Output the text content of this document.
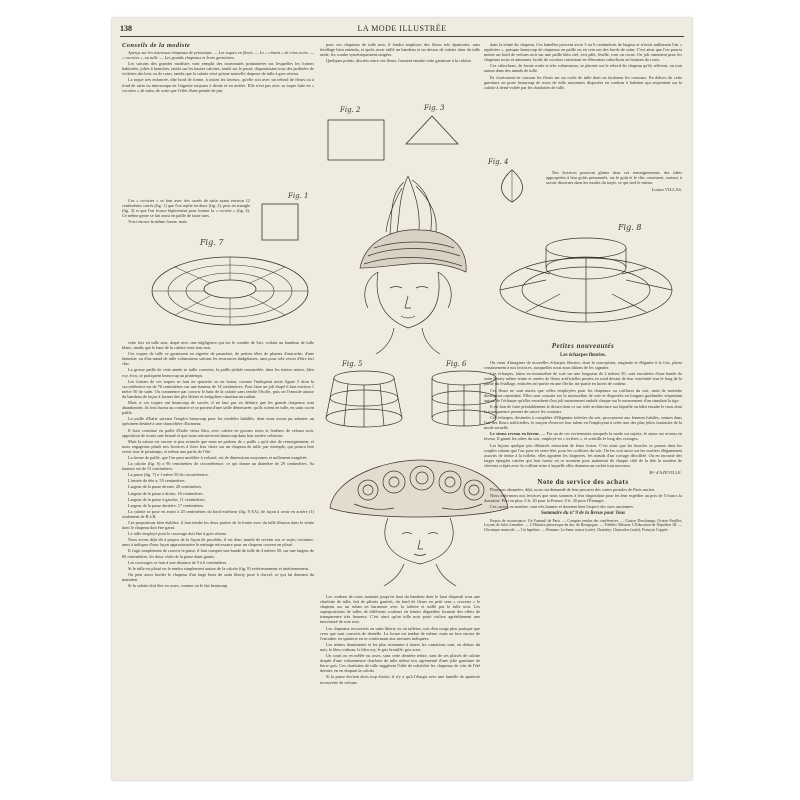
138	LA MODE ILLUSTRÉE
Conseils de la modiste

Aperçu sur les nouveaux chapeaux de printemps. — Les toques en fleurs. — Le « ciment » de crins noirs. — « cocottes », au tulle. — Les grands chapeaux et leurs garnitures.

Les saisons des grandes modistes vont remplir des nouveautés printanières sur lesquelles les formes habituées, jolies à branches, tantôt sur les hautes calottes, tantôt sur le passé, disparaissant sous des jardinées de violettes des bois ou de roses, tandis que la calotte n'est qu'une nouvelle draperie de tulle à gros réseau.

La toque très enfoncée, dite bord de forme, à toutes les faveurs, qu'elle soit avec un rebord de fleurs ou à fond de satin ou interrompu en l'aigrette toujours à droite et en arrière. Elle n'est pas avec sa toque faite en « cocottes » de satin, de sorte que l'effet d'une pensée de pin.

Ces « cocottes » se font avec des carrés de satin ayant environ 12 centimètres carrés (fig. 1) que l'on replie en deux (fig. 2), puis en triangle (fig. 3) et que l'on fronce légèrement pour former la « cocotte » (fig. 4). Ce même genre se fait aussi en paille de toute tons.

Voici encore la même forme, mais

Fig. 1
Fig. 7

cette fois en tulle noir, drapé avec une négligence qui est le comble de l'art, voilant un bandeau de tulle blanc, tandis que le haut de la calotte reste tout noir.

Ces toques de tulle se garnissent en aigrette de panaches, de petites têtes de plumes d'autruche, d'une fantaisie, ou d'un nœud de tulle volumineux suivant les ressources budgétaires, sans pour cela cesser d'être fort chic.

La grosse paille de cette année se taille couverte, la paille pédale renouvelée, dans les teintes noires, bleu roy, écru, se pratiquent beaucoup au printemps.

Les formes de ces toques se font en sparterie ou en laiton, comme l'indiquent notre figure 5 dont la circonférence est de 76 centimètres sur une hauteur de 14 centimètres. Pour faire un joli drapé il faut environ 1 mètre 50 de satin. On commence par couvrir le haut de la calotte sans tendre l'étoffe, puis on l'enroule autour du bandeau de façon à former des plis lâches et irréguliers simulant un turban.

Mais si ces toques ont beaucoup de succès, il ne faut pas en déduire que les grands chapeaux sont abandonnés; ils font fureur au contraire et se portent d'une taille démesurée, qu'ils soient en tulle, en satin ou en paille.

La paille d'Italie suivant l'emploi beaucoup pour les modèles habillés, dont nous avons pu admirer un spécimen destiné à une chancelière d'honneur.

Il était constitué en paille d'Italie vieux bleu, avec calotte en grosses roses et fenêtres de velours noir, apposition de toutes une beauté et que nous retrouverons beaucoup dans leur arrière créations.

Mais la saison est encore si peu avancée que nous ne parlons de « paille » qu'à titre de renseignement, et nous engageons plutôt nos lectrices à fixer leur choix sur un chapeau de tulle, par exemple, qui pourra leur servir tout le printemps, et même une partie de l'été.

La forme de paille, que l'on peut modifier à volonté, est de dimensions moyennes et nullement exagérée.

La calotte (fig. 6) a 96 centimètres de circonférence, ce qui donne un diamètre de 29 centimètres. Sa hauteur est de 15 centimètres.

La passe (fig. 7) a 1 mètre 50 de circonférence.

L'entrée de tête a, 55 centimètres.

Largeur de la passe devant, 20 centimètres.

Largeur de la passe à droite, 16 centimètres.

Largeur de la passe à gauche, 11 centimètres.

Largeur de la passe derrière, 17 centimètres.

La calotte se pose en avant à 20 centimètres du bord extérieur (fig. 8 AA), de façon à avoir en arrière (1) seulement de B à B.

Ces proportions bien établies, il faut tendre les deux parties de la forme avec du tulle illusion dans le teinte dont le chapeau doit être garni.

Le tulle employé pour le couvrage doit être à gros réseau.

Nous avons déjà dit à propos de la façon de procéder, il est donc inutile de revenir sur ce sujet; certaines-unes à indiquer d'une façon approximative le métrage nécessaire pour un chapeau couvert en plissé.

Il s'agit simplement de couvrir la passe, il faut compter une bande de tulle de 4 mètres 50, sur une largeur de 80 centimètres, les deux côtés de la passe étant garnis.

Les couvrages se font à une distance de 5 à 6 centimètres.

Si le tulle est plissé on le rendra simplement autour de la calotte (fig. 8) extérieurement et intérieurement.

On peut aussi border le chapeau d'un large biais de satin liberty posé à cheval, ce qui lui donnera du maintien.

Si la calotte doit être en roses, comme on le fait beaucoup

pour ces chapeaux de tulle noir, il faudra employer des fleurs très épanouies, sans feuillage bien entendu, et après avoir taillé un bandeau et un dessus de calotte dans du tulle raide, les coudre symétriquement rangées.

Quelques points, discrets entre ces fleurs, formant ensuite cette garniture à la calotte.

Fig. 2	Fig. 3
Fig. 5	Fig. 6

Les cordons de roses montant jusqu'en haut du bandeau dont le haut disparaît sous une charlotte de tulle, fait de plissés gaufrés, du fond de fleurs en petit sens « cravater » le chapeau sur un ruban en harmonie avec la toilette et tuillé par le tulle noir. Les superpositions de tulles de différents couleurs en teintes dégradées forment des effets de transparence très heureux. C'est ainsi qu'on tulle noir porté voilera agréablement une nouveauté de soie rose.

Les chapeaux recouverts en satin liberty ou en taffetas, soit d'un rouge plus pratique que ceux que sont couverts de dentelle. La forme est tendue de même, mais on fera encore de l'encadrer en sparterie en se conformant aux mesures indiquées.

Les teintes dominantes et les plus avenantes à toutes les carnations sont, en dehors du noir, le bleu corbeau, le bleu roy, le gris brouillé, gris acier.

Un court ou en mêlée ou roses, sans cette dernière teinte, sans de ses plissés de calotte drapée d'une volumineuse charlotte de tulle même ton, agrémenté d'une jolie garniture de lierre gris. Ces charlottes de tulle suggèrent l'idée de rafraîchir les chapeaux de crin de l'été dernier, en en drapant la calotte.

Si la passe devient alors trop étroite, il n'y a qu'à l'élargir avec une lamelle de sparterie recouverte de velours

dans la teinte du chapeau. Ces lamelles peuvent avoir 5 ou 6 centimètres de largeur et n'avoir nullement l'air « rapiécées », puisque beaucoup de chapeaux en paille ou en crin ont des bords de satin. C'est ainsi que l'on pourra mettre un bord de velours noir sur une paille bleu ciel, vert pâle, feuille, rose ou corne. Un joli ornement pour les chapeaux noirs et amusants, bords de cocottes consistant en d'énormes cabochons en boutons de roses.

Ces cabochons, de forme ovale et très volumineux, se placent sur le rebord du chapeau qu'ils relèvent, ou tout autour dans des nœuds de tulle.

Ils s'exécutent en cousant les fleurs sur un ovale de tulle dont on faufonne les contours. En dehors de cette garniture on porte beaucoup de roses de tulle moyennes disposées en cordons à baleiner qui serpentent sur la calotte à demi-voilée par les charlottes de tulle.

Fig. 4

Nos lectrices pourront glaner dans ces renseignements, des idées appropriées à leur goûts personnels, car le goût et le chic consistent, surtout, à savoir discerner dans les modes du trajet, ce qui sied le mieux.

Louise VILLAS.
Fig. 8
Petites nouveautés
Les écharpes fleuries.

On vient d'imaginer de nouvelles écharpes fleuries, dont la conception, originale et élégante à la fois, plaira certainement à nos lectrices, auxquelles nous nous hâtons de les signaler.

Ces écharpes, faites en mousseline de soie sur une longueur de 2 mètres 50, sont encadrées d'une bande de satin liberty même teinte et ornées de fleurs artificielles posées en rond devant de leur extrémité tout le long de la partie du feuillage, enlacées mi-partie en une flèche, mi-partie en lacets de couleur.

Ces fleurs ne sont autres que celles employées pour les chapeaux ou coiffures du soir, mais de moindre dimension cependant. Elles sont cousues sur la mousseline de soie et disposées en longues guirlandes serpentant autour de l'écharpe qu'elles encadrent d'un joli mouvement ondulé chaque sur le mouvement d'un simulant la tige.

Il est bon de faire préalablement le dessin dont ce sur toile architecture sur laquelle on bâtit ensuite le tissu dont la transparence permet de suivre les contours.

Ces écharpes, destinées à compléter d'élégantes toilettes du soir, procureront aux femmes habiles, venues dans l'art des fleurs artificielles, le moyen d'exercer leur talent en l'employant à créer une des plus jolies fantaisies de la mode actuelle.

Le strass revenu en faveur. — Par un de ces revirements auxquels la mode est sujette, le strass est revenu en faveur. Il garnit les robes du soir, employé en « rivières », et scintille le long des corsages.

Les bijoux quelque peu délaissés ressortent de leurs écrins. C'est ainsi que les boucles se posent dans les souples rubans que l'on pose en serre-tête, pour les coiffures du soir. On les voit aussi sur les souliers élégamment assortis de teinte à la toilette, elles agrafent les draperies, les nœuds d'un corsage décolleté. On en incruste des larges épingles carrées qui font fureur en ce moment pour maintenir de chaque côté de la tête la rondeur de cheveux crépés avec la coiffure mise à laquelle elles donnent un cachet tout nouveau.

Bⁿᵉ d'AZEVILLE.
Note du service des achats

Plusieurs abonnées, déjà, nous ont demandé de leur procurer des cartes postales de Paris ancien.

Nous informons nos lectrices que nous sommes à leur disposition pour les leur expédier au prix de 5 francs la douzaine. Port en plus, 0 fr. 20 pour la France, 0 fr. 30 pour l'Étranger.

Ces cartes, au nombre, sont très bonnes et donnent bien l'aspect des vues anciennes.

Sommaire du nº 9 de la Revue pour Tous

Propos de circonstance. Un Fauteuil de Paris. — Comptes rendus des conférences. — Gaston Deschamps; Octave Feuillet; Leçons de Jules Lemaître. — L'Histoire pittoresque du duc de Bourgogne. — Frédéric Masson: L'Education de Napoléon III. — Chronique musicale. — Un baptême. — Romans: La Sœur rousse (suite), Chambry; Chancelier (suite), François Coppée.
